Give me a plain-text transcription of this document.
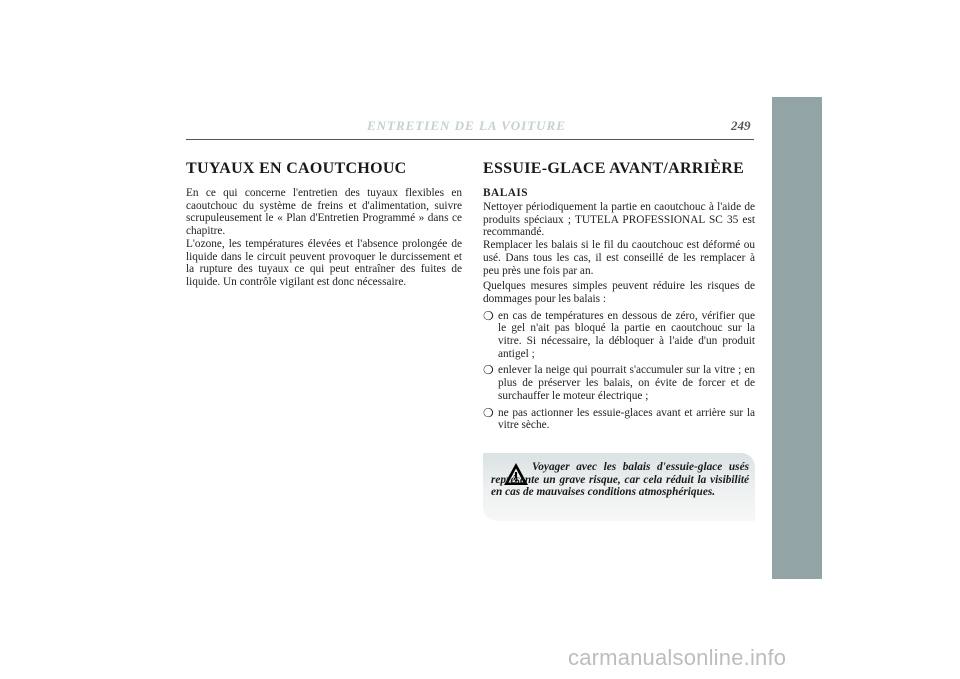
ENTRETIEN DE LA VOITURE	249
TUYAUX EN CAOUTCHOUC

En ce qui concerne l'entretien des tuyaux flexibles en caoutchouc du système de freins et d'alimentation, suivre scrupuleusement le « Plan d'Entretien Programmé » dans ce chapitre.

L'ozone, les températures élevées et l'absence prolongée de liquide dans le circuit peuvent provoquer le durcissement et la rupture des tuyaux ce qui peut entraîner des fuites de liquide. Un contrôle vigilant est donc nécessaire.

ESSUIE-GLACE AVANT/ARRIÈRE
BALAIS

Nettoyer périodiquement la partie en caoutchouc à l'aide de produits spéciaux ; TUTELA PROFESSIONAL SC 35 est recommandé.

Remplacer les balais si le fil du caoutchouc est déformé ou usé. Dans tous les cas, il est conseillé de les remplacer à peu près une fois par an.

Quelques mesures simples peuvent réduire les risques de dommages pour les balais :

❍ en cas de températures en dessous de zéro, vérifier que le gel n'ait pas bloqué la partie en caoutchouc sur la vitre. Si nécessaire, la débloquer à l'aide d'un produit antigel ;
❍ enlever la neige qui pourrait s'accumuler sur la vitre ; en plus de préserver les balais, on évite de forcer et de surchauffer le moteur électrique ;
❍ ne pas actionner les essuie-glaces avant et arrière sur la vitre sèche.
Voyager avec les balais d'essuie-glace usés représente un grave risque, car cela réduit la visibilité en cas de mauvaises conditions atmosphériques.
carmanualsonline.info
